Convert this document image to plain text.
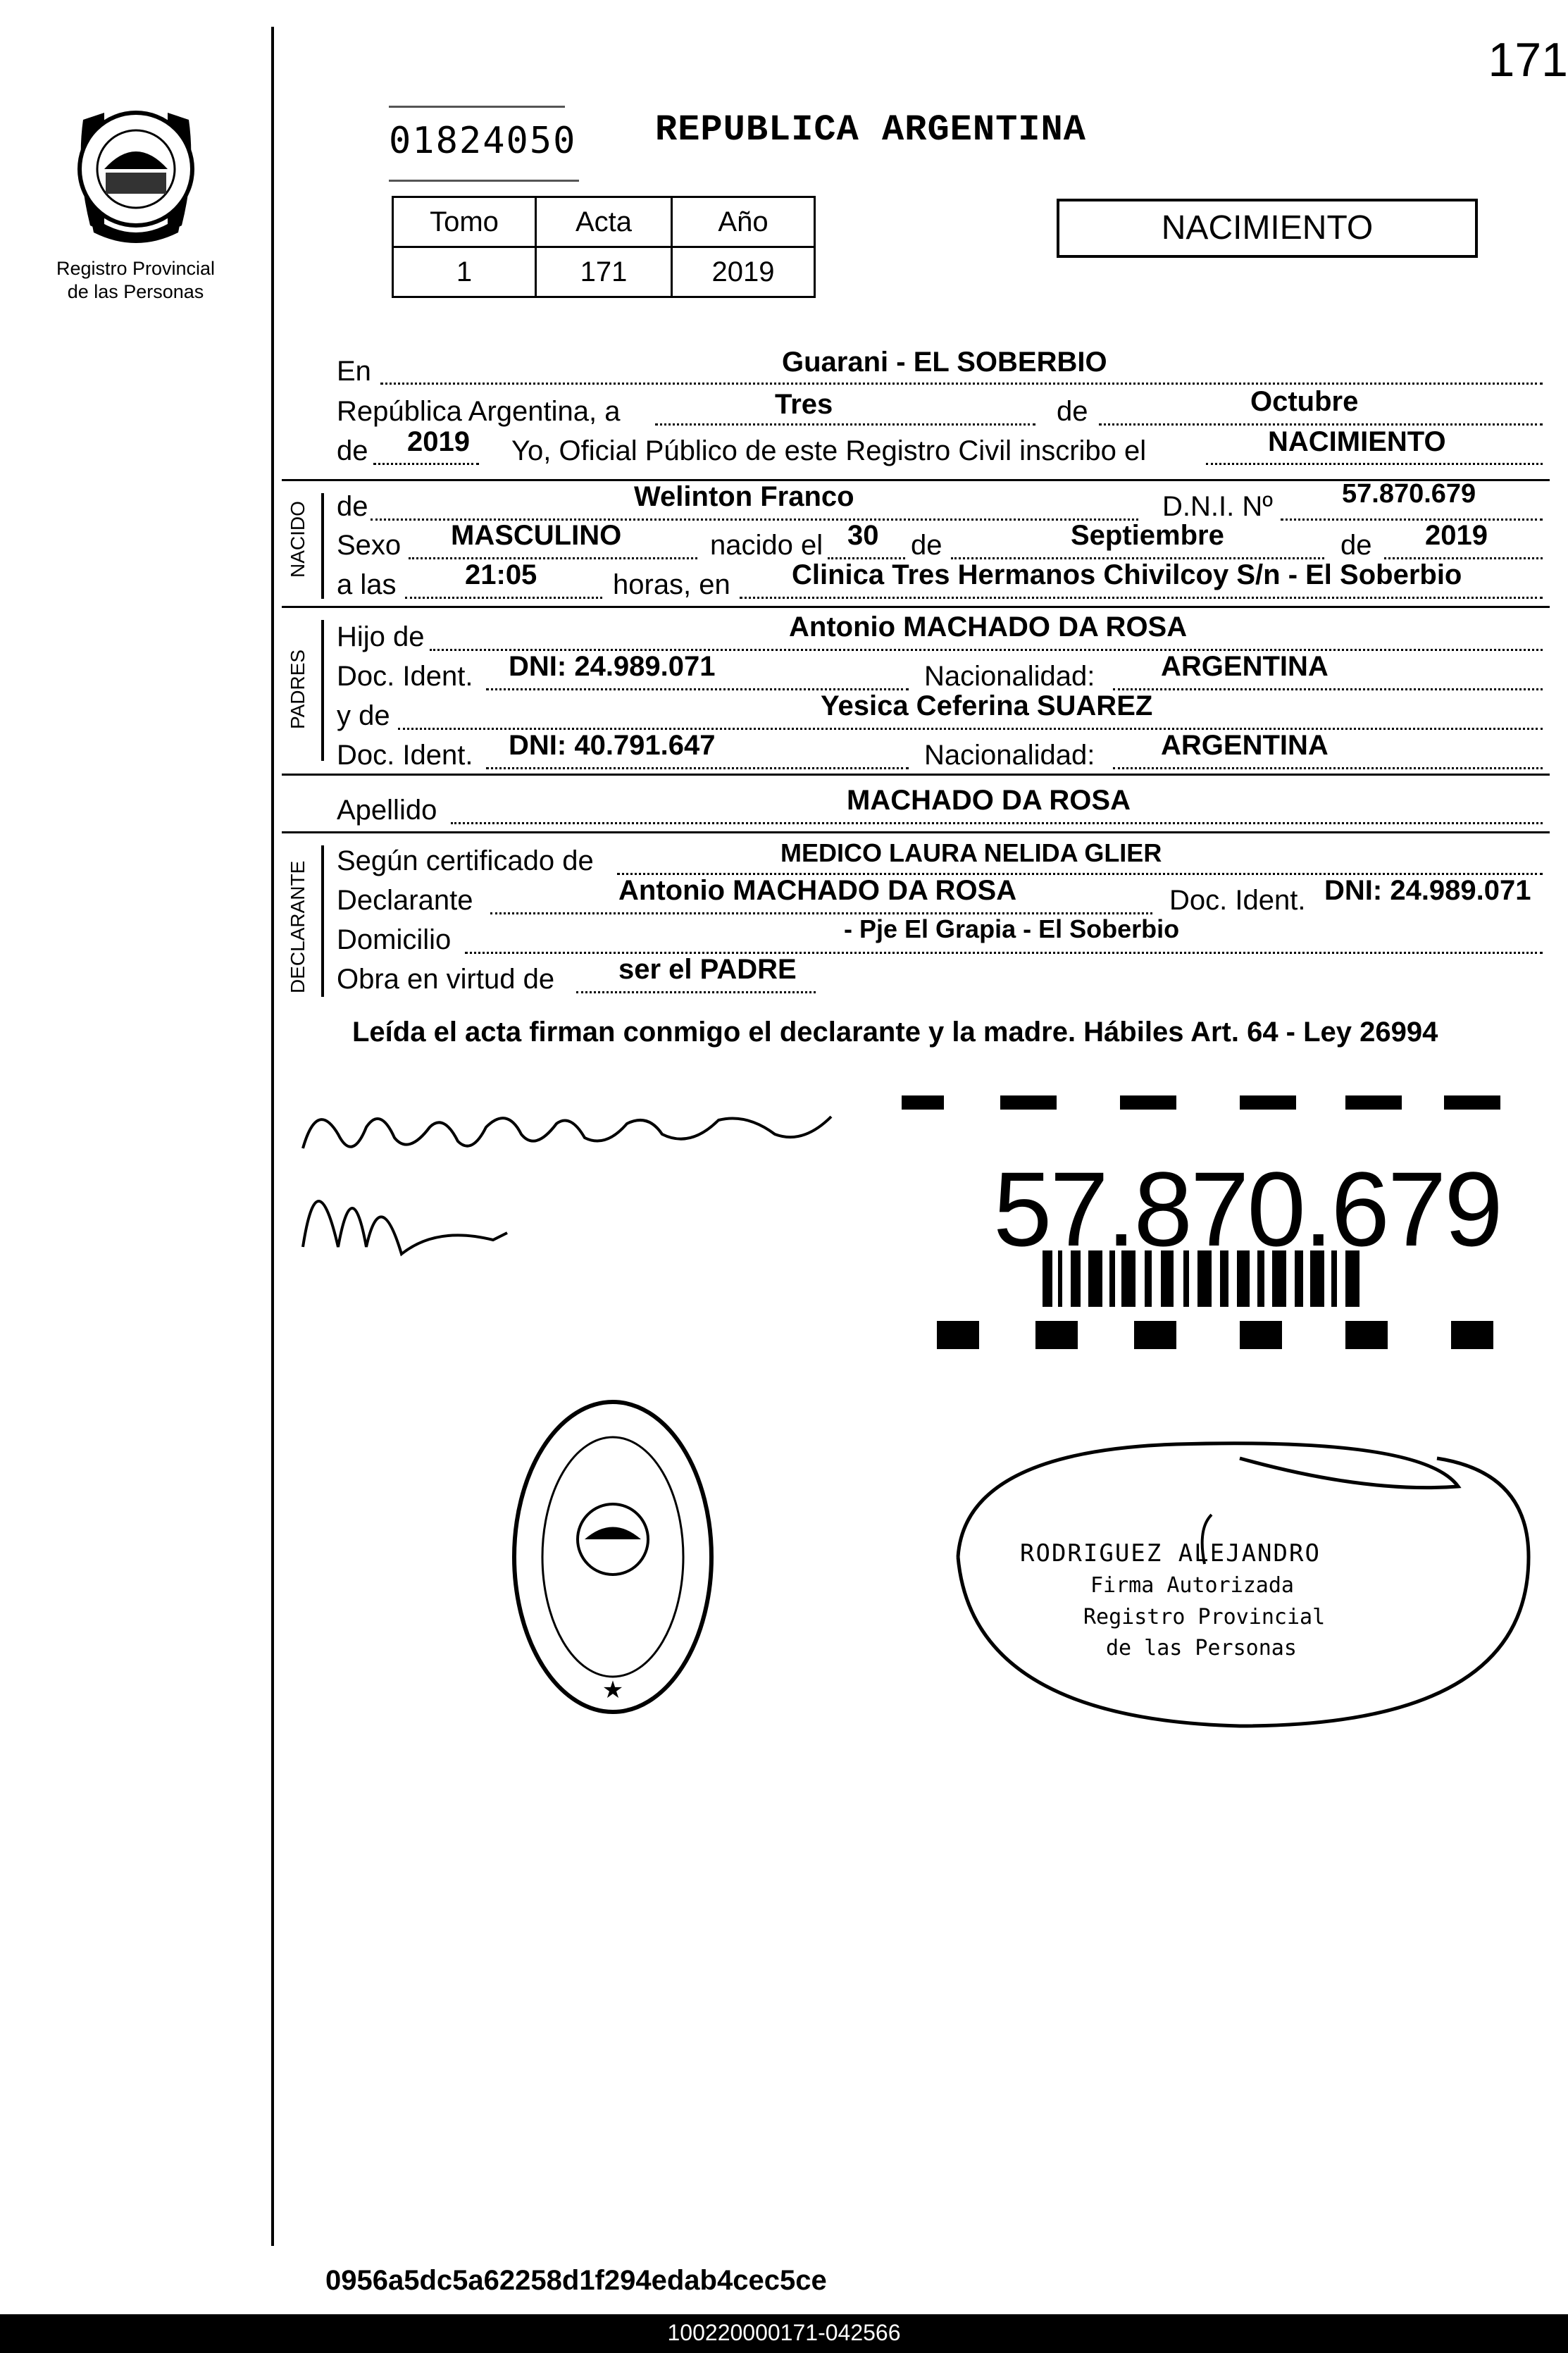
Registro Provincial
de las Personas
171
01824050 REPUBLICA ARGENTINA
Tomo	Acta	Año
1	171	2019
NACIMIENTO
En	Guarani - EL SOBERBIO
República Argentina, a	Tres	de	Octubre
de 2019 Yo, Oficial Público de este Registro Civil inscribo el	NACIMIENTO
NACIDO de	Welinton Franco	D.N.I. Nº	57.870.679
Sexo MASCULINO	nacido el 30 de	Septiembre	de 2019
a las 21:05	horas, en Clinica Tres Hermanos Chivilcoy S/n - El Soberbio
PADRES
Hijo de	Antonio MACHADO DA ROSA
Doc. Ident. DNI: 24.989.071	Nacionalidad: ARGENTINA
y de	Yesica Ceferina SUAREZ
Doc. Ident. DNI: 40.791.647	Nacionalidad: ARGENTINA
Apellido	MACHADO DA ROSA
DECLARANTE Según certificado de	MEDICO LAURA NELIDA GLIER
Declarante	Antonio MACHADO DA ROSA	Doc. Ident. DNI: 24.989.071
Domicilio	- Pje El Grapia - El Soberbio
Obra en virtud de ser el PADRE
Leída el acta firman conmigo el declarante y la madre. Hábiles Art. 64 - Ley 26994
57.870.679
★
RODRIGUEZ ALEJANDRO
Firma Autorizada
Registro Provincial
de las Personas
0956a5dc5a62258d1f294edab4cec5ce
100220000171-042566
